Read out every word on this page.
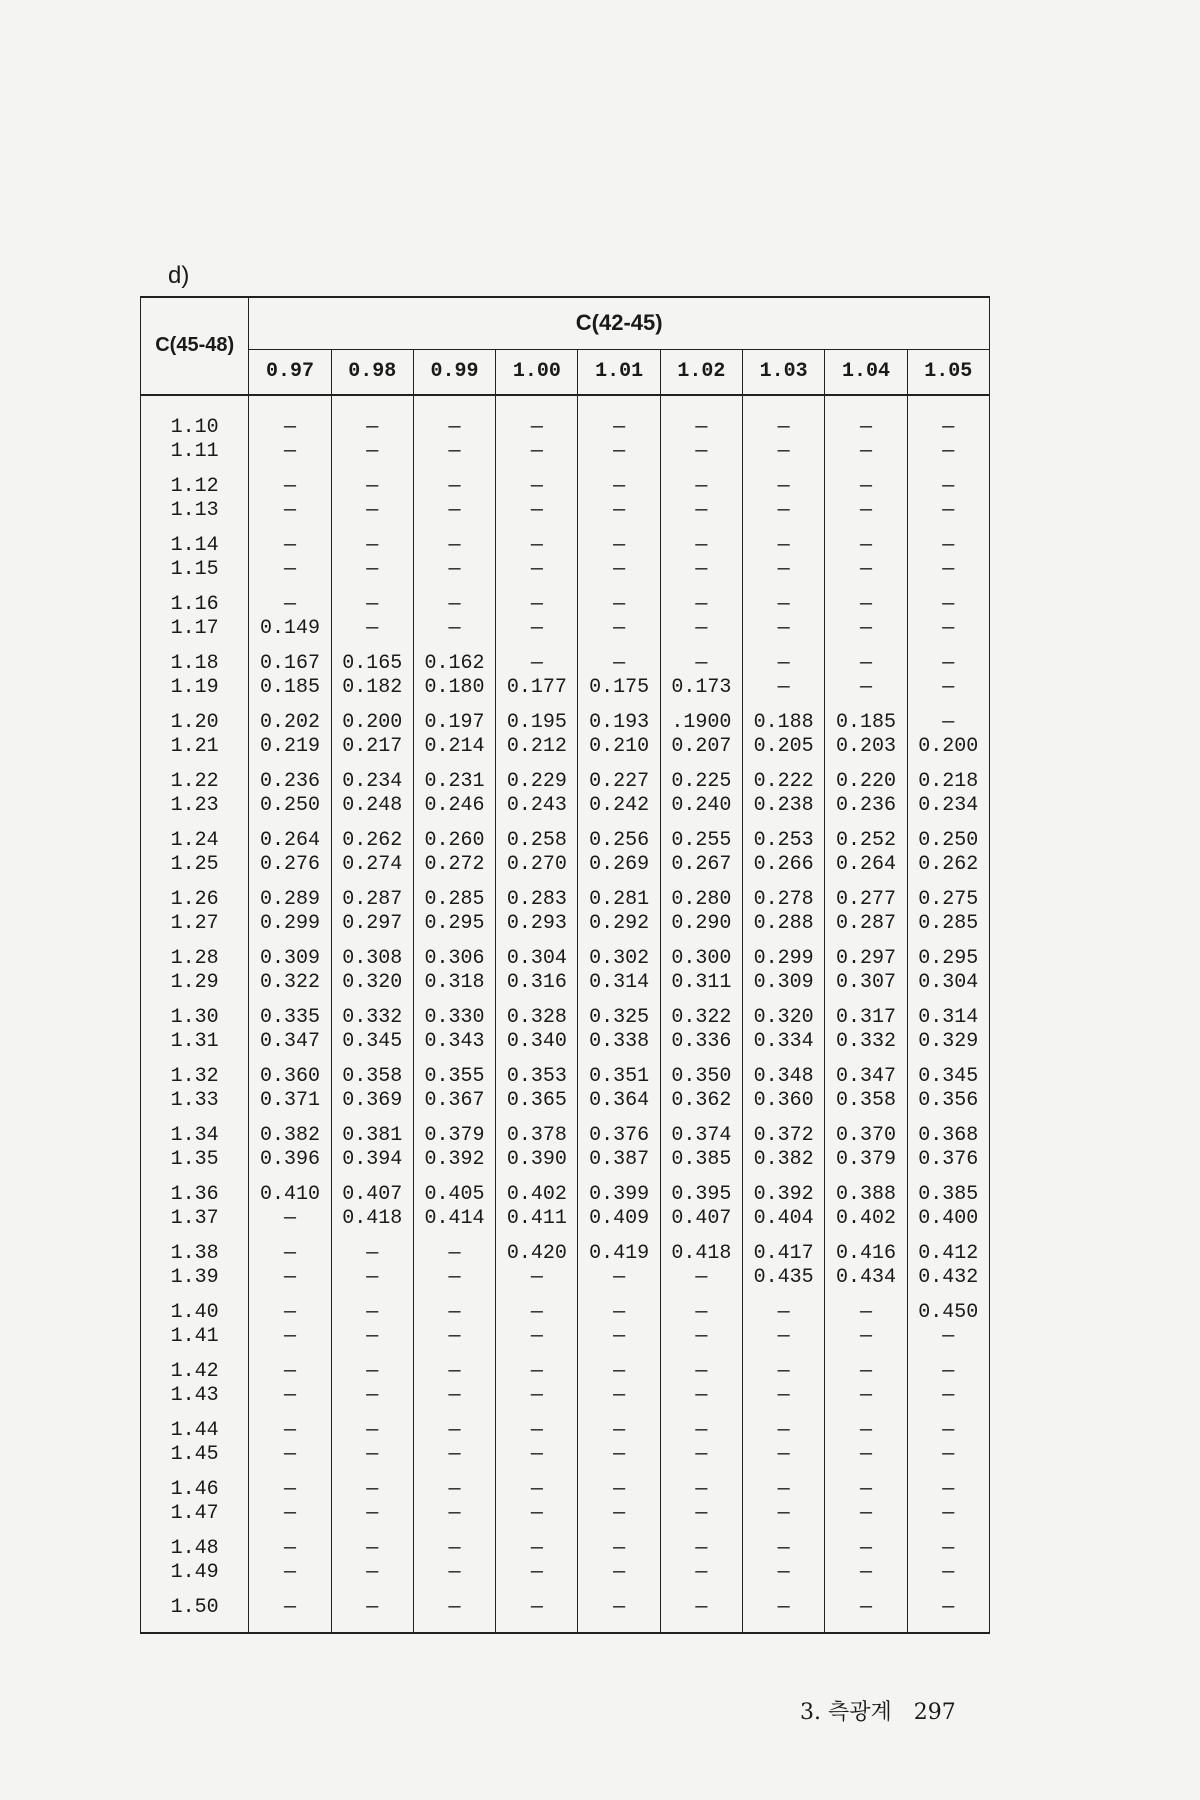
d)
C(45-48)	C(42-45)								
	0.97	0.98	0.99	1.00	1.01	1.02	1.03	1.04	1.05
1.10	—	—	—	—	—	—	—	—	—
1.11	—	—	—	—	—	—	—	—	—
1.12	—	—	—	—	—	—	—	—	—
1.13	—	—	—	—	—	—	—	—	—
1.14	—	—	—	—	—	—	—	—	—
1.15	—	—	—	—	—	—	—	—	—
1.16	—	—	—	—	—	—	—	—	—
1.17	0.149	—	—	—	—	—	—	—	—
1.18	0.167	0.165	0.162	—	—	—	—	—	—
1.19	0.185	0.182	0.180	0.177	0.175	0.173	—	—	—
1.20	0.202	0.200	0.197	0.195	0.193	.1900	0.188	0.185	—
1.21	0.219	0.217	0.214	0.212	0.210	0.207	0.205	0.203	0.200
1.22	0.236	0.234	0.231	0.229	0.227	0.225	0.222	0.220	0.218
1.23	0.250	0.248	0.246	0.243	0.242	0.240	0.238	0.236	0.234
1.24	0.264	0.262	0.260	0.258	0.256	0.255	0.253	0.252	0.250
1.25	0.276	0.274	0.272	0.270	0.269	0.267	0.266	0.264	0.262
1.26	0.289	0.287	0.285	0.283	0.281	0.280	0.278	0.277	0.275
1.27	0.299	0.297	0.295	0.293	0.292	0.290	0.288	0.287	0.285
1.28	0.309	0.308	0.306	0.304	0.302	0.300	0.299	0.297	0.295
1.29	0.322	0.320	0.318	0.316	0.314	0.311	0.309	0.307	0.304
1.30	0.335	0.332	0.330	0.328	0.325	0.322	0.320	0.317	0.314
1.31	0.347	0.345	0.343	0.340	0.338	0.336	0.334	0.332	0.329
1.32	0.360	0.358	0.355	0.353	0.351	0.350	0.348	0.347	0.345
1.33	0.371	0.369	0.367	0.365	0.364	0.362	0.360	0.358	0.356
1.34	0.382	0.381	0.379	0.378	0.376	0.374	0.372	0.370	0.368
1.35	0.396	0.394	0.392	0.390	0.387	0.385	0.382	0.379	0.376
1.36	0.410	0.407	0.405	0.402	0.399	0.395	0.392	0.388	0.385
1.37	—	0.418	0.414	0.411	0.409	0.407	0.404	0.402	0.400
1.38	—	—	—	0.420	0.419	0.418	0.417	0.416	0.412
1.39	—	—	—	—	—	—	0.435	0.434	0.432
1.40	—	—	—	—	—	—	—	—	0.450
1.41	—	—	—	—	—	—	—	—	—
1.42	—	—	—	—	—	—	—	—	—
1.43	—	—	—	—	—	—	—	—	—
1.44	—	—	—	—	—	—	—	—	—
1.45	—	—	—	—	—	—	—	—	—
1.46	—	—	—	—	—	—	—	—	—
1.47	—	—	—	—	—	—	—	—	—
1.48	—	—	—	—	—	—	—	—	—
1.49	—	—	—	—	—	—	—	—	—
1.50	—	—	—	—	—	—	—	—	—
3. 측광계 297
